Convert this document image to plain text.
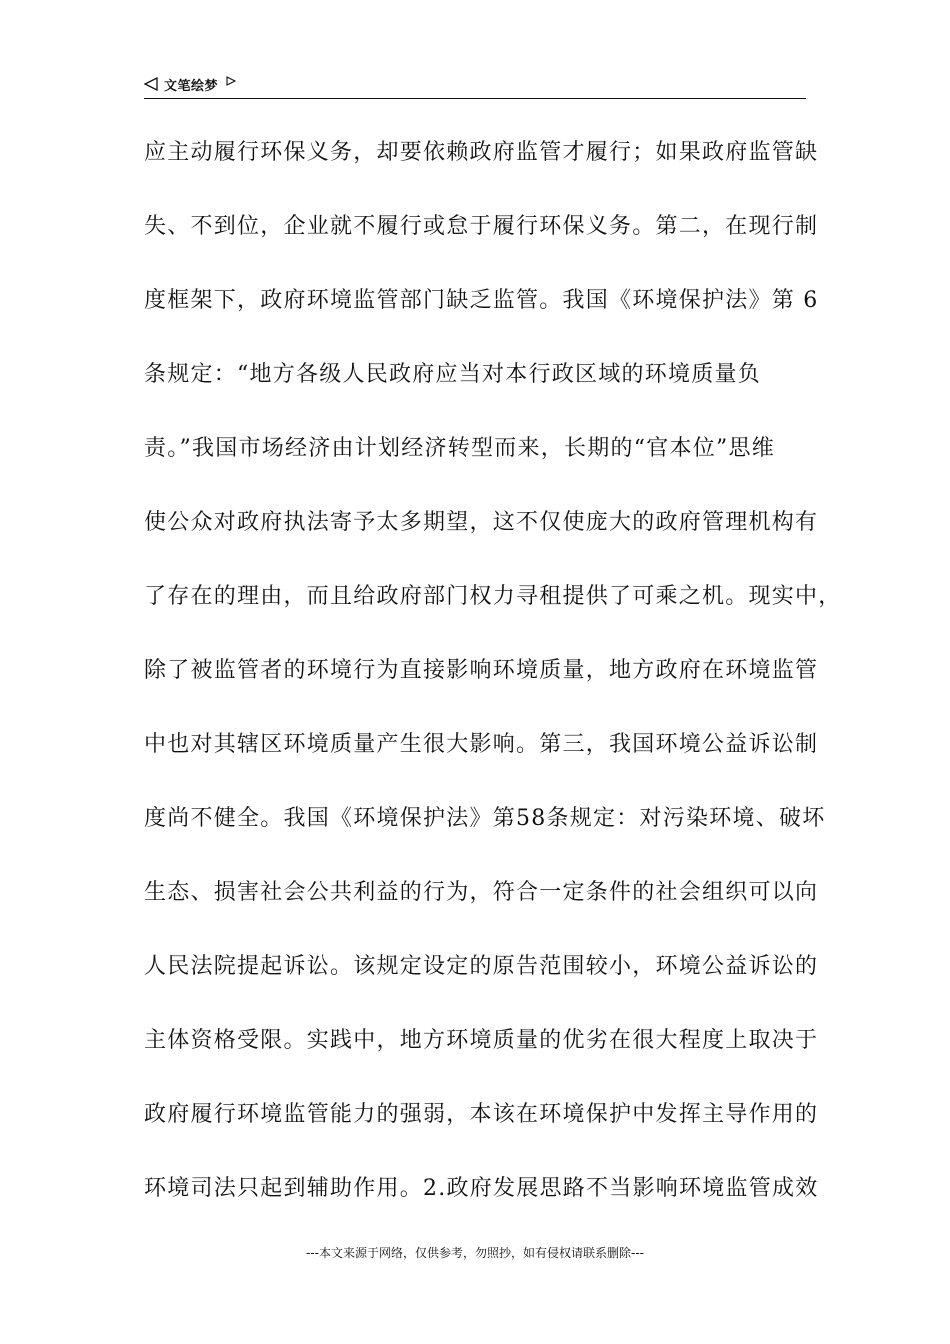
文笔绘梦
应主动履行环保义务，却要依赖政府监管才履行；如果政府监管缺
失、不到位，企业就不履行或怠于履行环保义务。第二，在现行制
度框架下，政府环境监管部门缺乏监管。我国《环境保护法》第 6
条规定：“地方各级人民政府应当对本行政区域的环境质量负
责。”我国市场经济由计划经济转型而来，长期的“官本位”思维
使公众对政府执法寄予太多期望，这不仅使庞大的政府管理机构有
了存在的理由，而且给政府部门权力寻租提供了可乘之机。现实中，
除了被监管者的环境行为直接影响环境质量，地方政府在环境监管
中也对其辖区环境质量产生很大影响。第三，我国环境公益诉讼制
度尚不健全。我国《环境保护法》第58条规定：对污染环境、破坏
生态、损害社会公共利益的行为，符合一定条件的社会组织可以向
人民法院提起诉讼。该规定设定的原告范围较小，环境公益诉讼的
主体资格受限。实践中，地方环境质量的优劣在很大程度上取决于
政府履行环境监管能力的强弱，本该在环境保护中发挥主导作用的
环境司法只起到辅助作用。2.政府发展思路不当影响环境监管成效
---本文来源于网络，仅供参考，勿照抄，如有侵权请联系删除---
